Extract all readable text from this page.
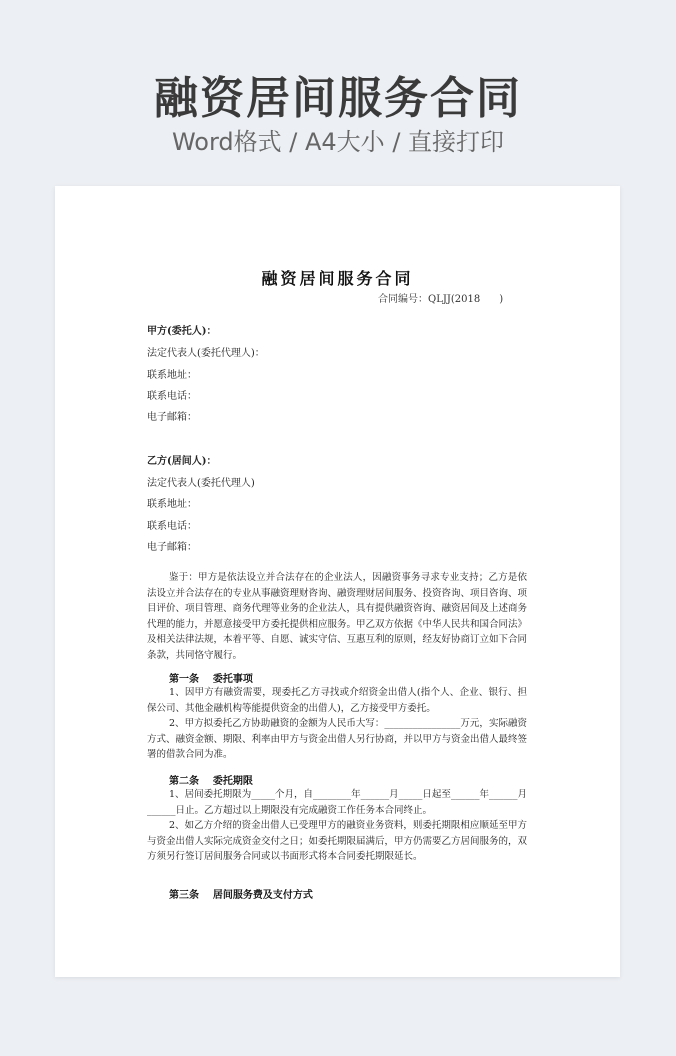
融资居间服务合同
Word格式 / A4大小 / 直接打印
融资居间服务合同
合同编号：QLJJ(2018      )
甲方(委托人)：
法定代表人(委托代理人)：
联系地址：
联系电话：
电子邮箱：
乙方(居间人)：
法定代表人(委托代理人)
联系地址：
联系电话：
电子邮箱：
鉴于：甲方是依法设立并合法存在的企业法人，因融资事务寻求专业支持；乙方是依法设立并合法存在的专业从事融资理财咨询、融资理财居间服务、投资咨询、项目咨询、项目评价、项目管理、商务代理等业务的企业法人，具有提供融资咨询、融资居间及上述商务代理的能力，并愿意接受甲方委托提供相应服务。甲乙双方依据《中华人民共和国合同法》及相关法律法规，本着平等、自愿、诚实守信、互惠互利的原则，经友好协商订立如下合同条款，共同恪守履行。
第一条    委托事项
1、因甲方有融资需要，现委托乙方寻找或介绍资金出借人(指个人、企业、银行、担保公司、其他金融机构等能提供资金的出借人)，乙方接受甲方委托。
2、甲方拟委托乙方协助融资的金额为人民币大写：________________万元，实际融资方式、融资金额、期限、利率由甲方与资金出借人另行协商，并以甲方与资金出借人最终签署的借款合同为准。
第二条    委托期限
1、居间委托期限为_____个月，自________年______月_____日起至______年______月______日止。乙方超过以上期限没有完成融资工作任务本合同终止。
2、如乙方介绍的资金出借人已受理甲方的融资业务资料，则委托期限相应顺延至甲方与资金出借人实际完成资金交付之日；如委托期限届满后，甲方仍需要乙方居间服务的，双方须另行签订居间服务合同或以书面形式将本合同委托期限延长。
第三条    居间服务费及支付方式
